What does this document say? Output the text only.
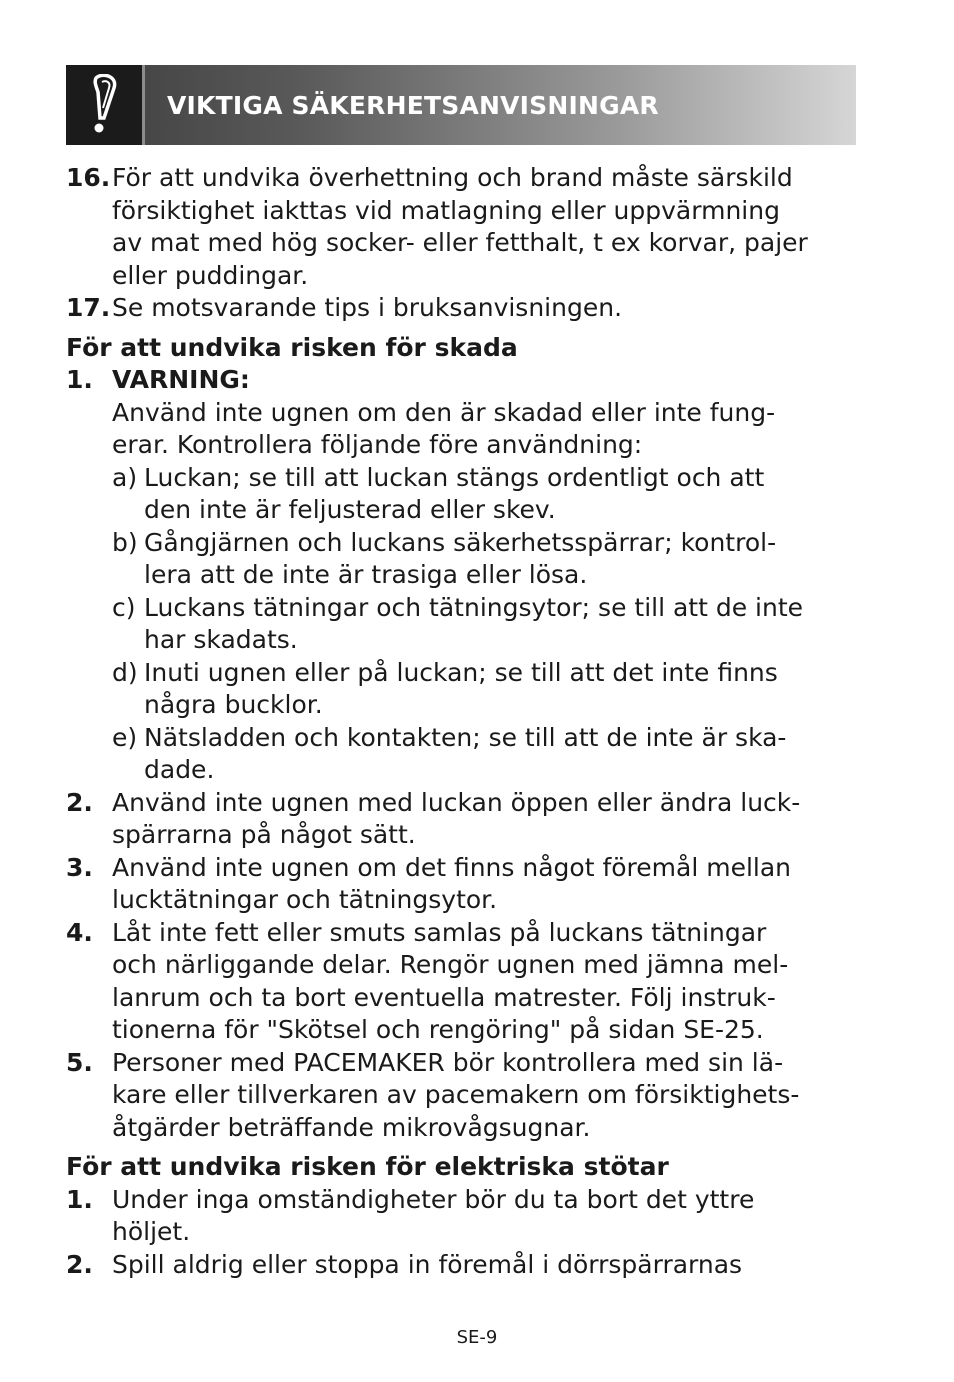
VIKTIGA SÄKERHETSANVISNINGAR
16. För att undvika överhettning och brand måste särskild
försiktighet iakttas vid matlagning eller uppvärmning
av mat med hög socker- eller fetthalt, t ex korvar, pajer
eller puddingar.
17. Se motsvarande tips i bruksanvisningen.
För att undvika risken för skada
1. VARNING:
Använd inte ugnen om den är skadad eller inte fung-
erar. Kontrollera följande före användning:
a) Luckan; se till att luckan stängs ordentligt och att
den inte är feljusterad eller skev.
b) Gångjärnen och luckans säkerhetsspärrar; kontrol-
lera att de inte är trasiga eller lösa.
c) Luckans tätningar och tätningsytor; se till att de inte
har skadats.
d) Inuti ugnen eller på luckan; se till att det inte finns
några bucklor.
e) Nätsladden och kontakten; se till att de inte är ska-
dade.
2. Använd inte ugnen med luckan öppen eller ändra luck-
spärrarna på något sätt.
3. Använd inte ugnen om det finns något föremål mellan
lucktätningar och tätningsytor.
4. Låt inte fett eller smuts samlas på luckans tätningar
och närliggande delar. Rengör ugnen med jämna mel-
lanrum och ta bort eventuella matrester. Följ instruk-
tionerna för "Skötsel och rengöring" på sidan SE-25.
5. Personer med PACEMAKER bör kontrollera med sin lä-
kare eller tillverkaren av pacemakern om försiktighets-
åtgärder beträffande mikrovågsugnar.
För att undvika risken för elektriska stötar
1. Under inga omständigheter bör du ta bort det yttre
höljet.
2. Spill aldrig eller stoppa in föremål i dörrspärrarnas
SE-9
